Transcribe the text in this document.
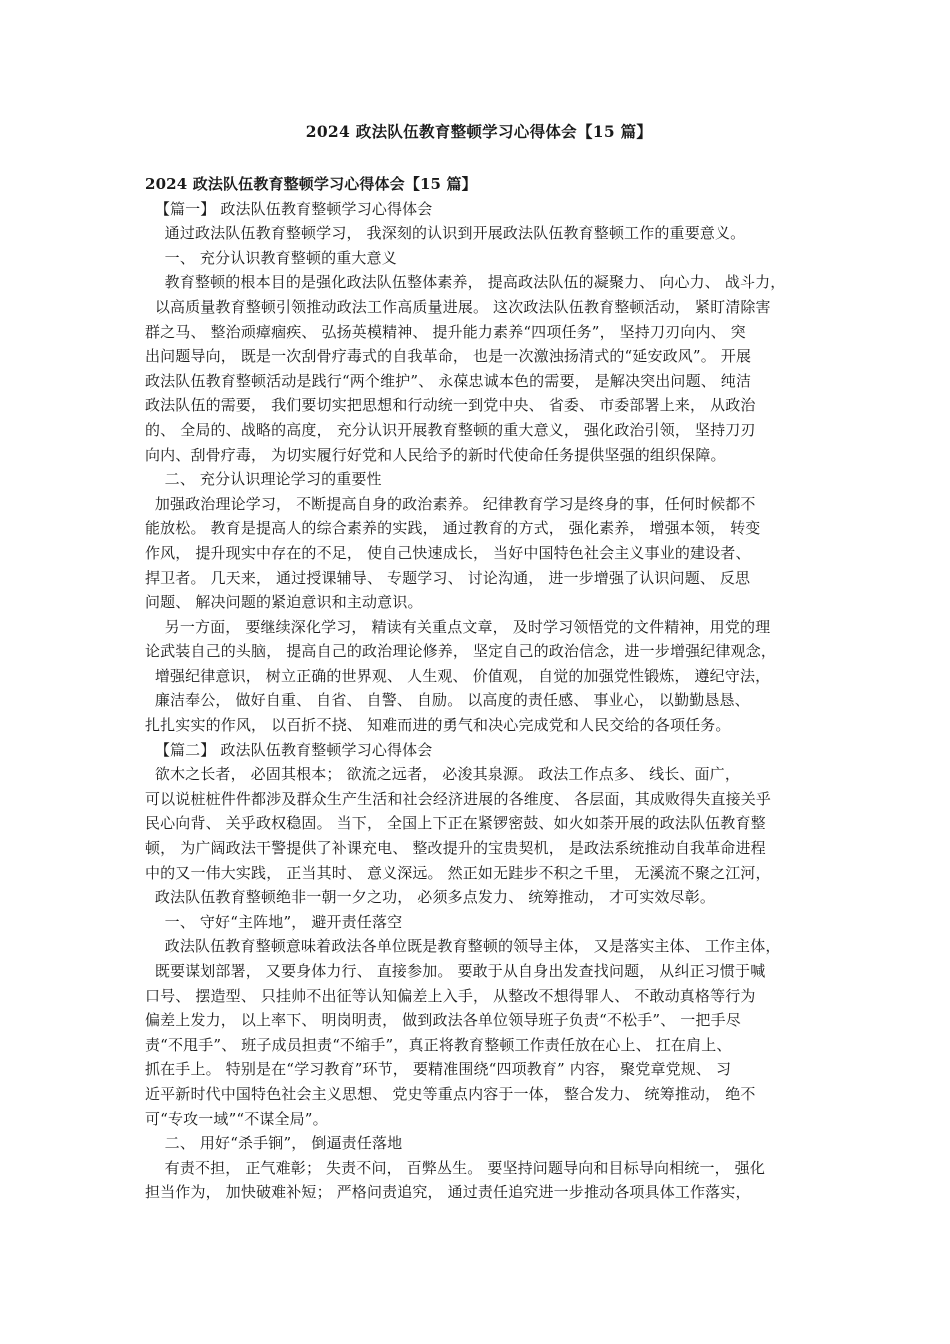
2024 政法队伍教育整顿学习心得体会【15 篇】
2024 政法队伍教育整顿学习心得体会【15 篇】
【篇一】 政法队伍教育整顿学习心得体会
通过政法队伍教育整顿学习， 我深刻的认识到开展政法队伍教育整顿工作的重要意义。
一、 充分认识教育整顿的重大意义
教育整顿的根本目的是强化政法队伍整体素养， 提高政法队伍的凝聚力、 向心力、 战斗力，
以高质量教育整顿引领推动政法工作高质量进展。 这次政法队伍教育整顿活动， 紧盯清除害
群之马、 整治顽瘴痼疾、 弘扬英模精神、 提升能力素养“四项任务”， 坚持刀刃向内、 突
出问题导向， 既是一次刮骨疗毒式的自我革命， 也是一次激浊扬清式的“延安政风”。 开展
政法队伍教育整顿活动是践行“两个维护”、 永葆忠诚本色的需要， 是解决突出问题、 纯洁
政法队伍的需要， 我们要切实把思想和行动统一到党中央、 省委、 市委部署上来， 从政治
的、 全局的、战略的高度， 充分认识开展教育整顿的重大意义， 强化政治引领， 坚持刀刃
向内、刮骨疗毒， 为切实履行好党和人民给予的新时代使命任务提供坚强的组织保障。
二、 充分认识理论学习的重要性
加强政治理论学习， 不断提高自身的政治素养。 纪律教育学习是终身的事，任何时候都不
能放松。 教育是提高人的综合素养的实践， 通过教育的方式， 强化素养， 增强本领， 转变
作风， 提升现实中存在的不足， 使自己快速成长， 当好中国特色社会主义事业的建设者、
捍卫者。 几天来， 通过授课辅导、 专题学习、 讨论沟通， 进一步增强了认识问题、 反思
问题、 解决问题的紧迫意识和主动意识。
另一方面， 要继续深化学习， 精读有关重点文章， 及时学习领悟党的文件精神，用党的理
论武装自己的头脑， 提高自己的政治理论修养， 坚定自己的政治信念，进一步增强纪律观念，
增强纪律意识， 树立正确的世界观、 人生观、 价值观， 自觉的加强党性锻炼， 遵纪守法，
廉洁奉公， 做好自重、 自省、 自警、 自励。 以高度的责任感、 事业心， 以勤勤恳恳、
扎扎实实的作风， 以百折不挠、 知难而进的勇气和决心完成党和人民交给的各项任务。
【篇二】 政法队伍教育整顿学习心得体会
欲木之长者， 必固其根本； 欲流之远者， 必浚其泉源。 政法工作点多、 线长、面广，
可以说桩桩件件都涉及群众生产生活和社会经济进展的各维度、 各层面，其成败得失直接关乎
民心向背、 关乎政权稳固。 当下， 全国上下正在紧锣密鼓、如火如荼开展的政法队伍教育整
顿， 为广阔政法干警提供了补课充电、 整改提升的宝贵契机， 是政法系统推动自我革命进程
中的又一伟大实践， 正当其时、 意义深远。 然正如无跬步不积之千里， 无溪流不聚之江河，
政法队伍教育整顿绝非一朝一夕之功， 必须多点发力、 统筹推动， 才可实效尽彰。
一、 守好“主阵地”， 避开责任落空
政法队伍教育整顿意味着政法各单位既是教育整顿的领导主体， 又是落实主体、 工作主体，
既要谋划部署， 又要身体力行、 直接参加。 要敢于从自身出发查找问题， 从纠正习惯于喊
口号、 摆造型、 只挂帅不出征等认知偏差上入手， 从整改不想得罪人、 不敢动真格等行为
偏差上发力， 以上率下、 明岗明责， 做到政法各单位领导班子负责“不松手”、 一把手尽
责“不甩手”、 班子成员担责“不缩手”，真正将教育整顿工作责任放在心上、 扛在肩上、
抓在手上。 特别是在“学习教育”环节， 要精准围绕“四项教育” 内容， 聚党章党规、 习
近平新时代中国特色社会主义思想、 党史等重点内容于一体， 整合发力、 统筹推动， 绝不
可“专攻一域”“不谋全局”。
二、 用好“杀手锏”， 倒逼责任落地
有责不担， 正气难彰； 失责不问， 百弊丛生。 要坚持问题导向和目标导向相统一， 强化
担当作为， 加快破难补短； 严格问责追究， 通过责任追究进一步推动各项具体工作落实，
